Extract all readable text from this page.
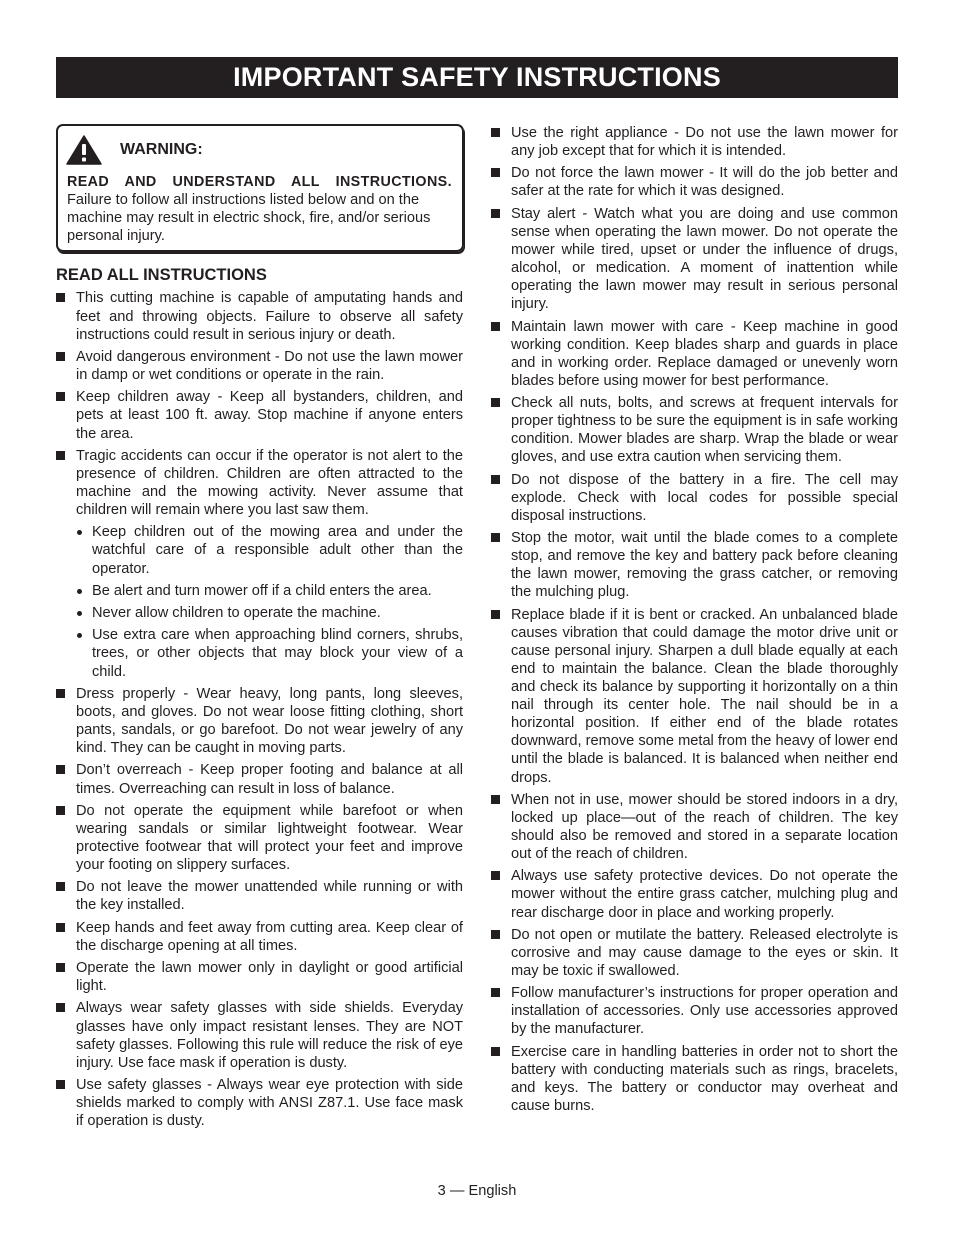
IMPORTANT SAFETY INSTRUCTIONS
WARNING:
READ AND UNDERSTAND ALL INSTRUCTIONS.
Failure to follow all instructions listed below and on the machine may result in electric shock, fire, and/or serious personal injury.
READ ALL INSTRUCTIONS
This cutting machine is capable of amputating hands and feet and throwing objects. Failure to observe all safety instructions could result in serious injury or death.
Avoid dangerous environment - Do not use the lawn mower in damp or wet conditions or operate in the rain.
Keep children away - Keep all bystanders, children, and pets at least 100 ft. away. Stop machine if anyone enters the area.
Tragic accidents can occur if the operator is not alert to the presence of children. Children are often attracted to the machine and the mowing activity. Never assume that children will remain where you last saw them.
Keep children out of the mowing area and under the watchful care of a responsible adult other than the operator.
Be alert and turn mower off if a child enters the area.
Never allow children to operate the machine.
Use extra care when approaching blind corners, shrubs, trees, or other objects that may block your view of a child.
Dress properly - Wear heavy, long pants, long sleeves, boots, and gloves. Do not wear loose fitting clothing, short pants, sandals, or go barefoot. Do not wear jewelry of any kind. They can be caught in moving parts.
Don’t overreach - Keep proper footing and balance at all times. Overreaching can result in loss of balance.
Do not operate the equipment while barefoot or when wearing sandals or similar lightweight footwear. Wear protective footwear that will protect your feet and improve your footing on slippery surfaces.
Do not leave the mower unattended while running or with the key installed.
Keep hands and feet away from cutting area. Keep clear of the discharge opening at all times.
Operate the lawn mower only in daylight or good artificial light.
Always wear safety glasses with side shields. Everyday glasses have only impact resistant lenses. They are NOT safety glasses. Following this rule will reduce the risk of eye injury. Use face mask if operation is dusty.
Use safety glasses - Always wear eye protection with side shields marked to comply with ANSI Z87.1. Use face mask if operation is dusty.
Use the right appliance - Do not use the lawn mower for any job except that for which it is intended.
Do not force the lawn mower - It will do the job better and safer at the rate for which it was designed.
Stay alert - Watch what you are doing and use common sense when operating the lawn mower. Do not operate the mower while tired, upset or under the influence of drugs, alcohol, or medication. A moment of inattention while operating the lawn mower may result in serious personal injury.
Maintain lawn mower with care - Keep machine in good working condition. Keep blades sharp and guards in place and in working order. Replace damaged or unevenly worn blades before using mower for best performance.
Check all nuts, bolts, and screws at frequent intervals for proper tightness to be sure the equipment is in safe working condition. Mower blades are sharp. Wrap the blade or wear gloves, and use extra caution when servicing them.
Do not dispose of the battery in a fire. The cell may explode. Check with local codes for possible special disposal instructions.
Stop the motor, wait until the blade comes to a complete stop, and remove the key and battery pack before cleaning the lawn mower, removing the grass catcher, or removing the mulching plug.
Replace blade if it is bent or cracked. An unbalanced blade causes vibration that could damage the motor drive unit or cause personal injury. Sharpen a dull blade equally at each end to maintain the balance. Clean the blade thoroughly and check its balance by supporting it horizontally on a thin nail through its center hole. The nail should be in a horizontal position. If either end of the blade rotates downward, remove some metal from the heavy of lower end until the blade is balanced. It is balanced when neither end drops.
When not in use, mower should be stored indoors in a dry, locked up place—out of the reach of children. The key should also be removed and stored in a separate location out of the reach of children.
Always use safety protective devices. Do not operate the mower without the entire grass catcher, mulching plug and rear discharge door in place and working properly.
Do not open or mutilate the battery. Released electrolyte is corrosive and may cause damage to the eyes or skin. It may be toxic if swallowed.
Follow manufacturer’s instructions for proper operation and installation of accessories. Only use accessories approved by the manufacturer.
Exercise care in handling batteries in order not to short the battery with conducting materials such as rings, bracelets, and keys. The battery or conductor may overheat and cause burns.
3 — English
